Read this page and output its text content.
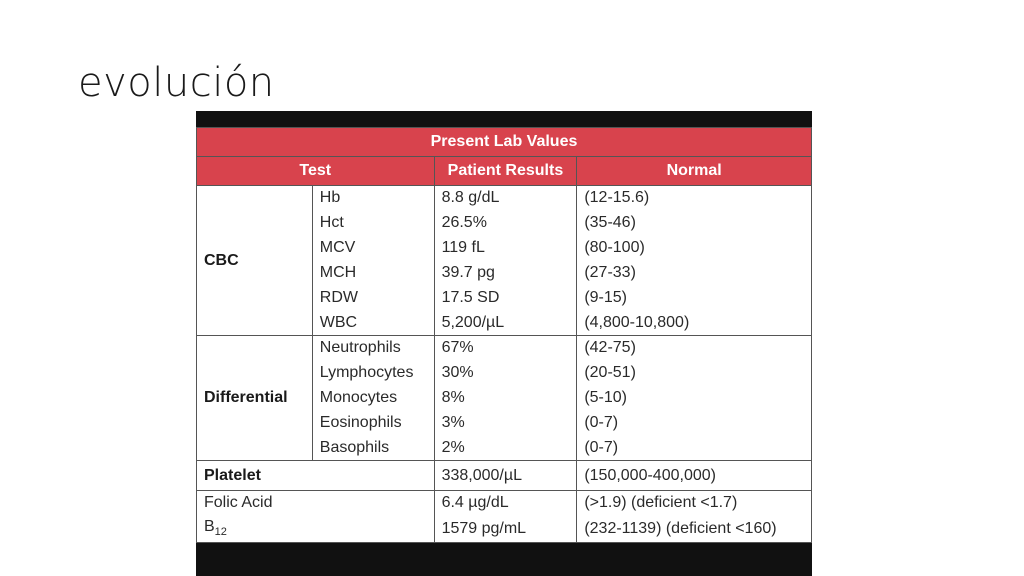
evolución
Present Lab Values			
Test		Patient Results	Normal
CBC	Hb	8.8 g/dL	(12-15.6)
	Hct	26.5%	(35-46)
	MCV	119 fL	(80-100)
	MCH	39.7 pg	(27-33)
	RDW	17.5 SD	(9-15)
	WBC	5,200/µL	(4,800-10,800)
Differential	Neutrophils	67%	(42-75)
	Lymphocytes	30%	(20-51)
	Monocytes	8%	(5-10)
	Eosinophils	3%	(0-7)
	Basophils	2%	(0-7)
Platelet		338,000/µL	(150,000-400,000)
Folic Acid		6.4 µg/dL	(>1.9) (deficient <1.7)
$B_{12}$		1579 pg/mL	(232-1139) (deficient <160)
